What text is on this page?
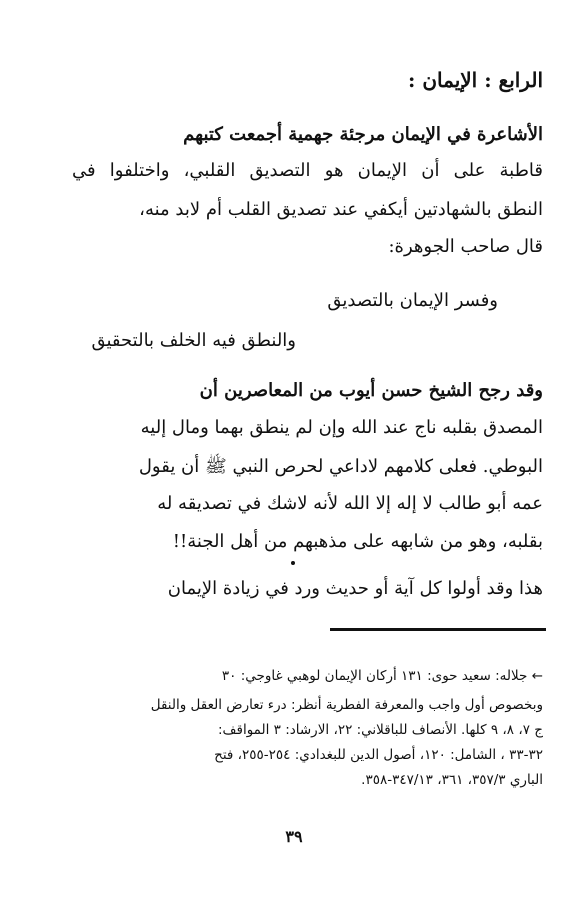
الرابع : الإيمان :
الأشاعرة في الإيمان مرجئة جهمية أجمعت كتبهم
قاطبة على أن الإيمان هو التصديق القلبي، واختلفوا في
النطق بالشهادتين أيكفي عند تصديق القلب أم لابد منه،
قال صاحب الجوهرة:
وفسر الإيمان بالتصديق
والنطق فيه الخلف بالتحقيق
وقد رجح الشيخ حسن أيوب من المعاصرين أن
المصدق بقلبه ناج عند الله وإن لم ينطق بهما ومال إليه
البوطي. فعلى كلامهم لاداعي لحرص النبي ﷺ أن يقول
عمه أبو طالب لا إله إلا الله لأنه لاشك في تصديقه له
بقلبه، وهو من شابهه على مذهبهم من أهل الجنة!!
هذا وقد أولوا كل آية أو حديث ورد في زيادة الإيمان
← جلاله: سعيد حوى: ١٣١ أركان الإيمان لوهبي غاوجي: ٣٠
وبخصوص أول واجب والمعرفة الفطرية أنظر: درء تعارض العقل والنقل
ج ٧، ٨، ٩ كلها. الأنصاف للباقلاني: ٢٢، الارشاد: ٣ المواقف:
٣٢-٣٣ ، الشامل: ١٢٠، أصول الدين للبغدادي: ٢٥٤-٢٥٥، فتح
الباري ٣٥٧/٣، ٣٦١، ٣٤٧/١٣-٣٥٨.
٣٩
